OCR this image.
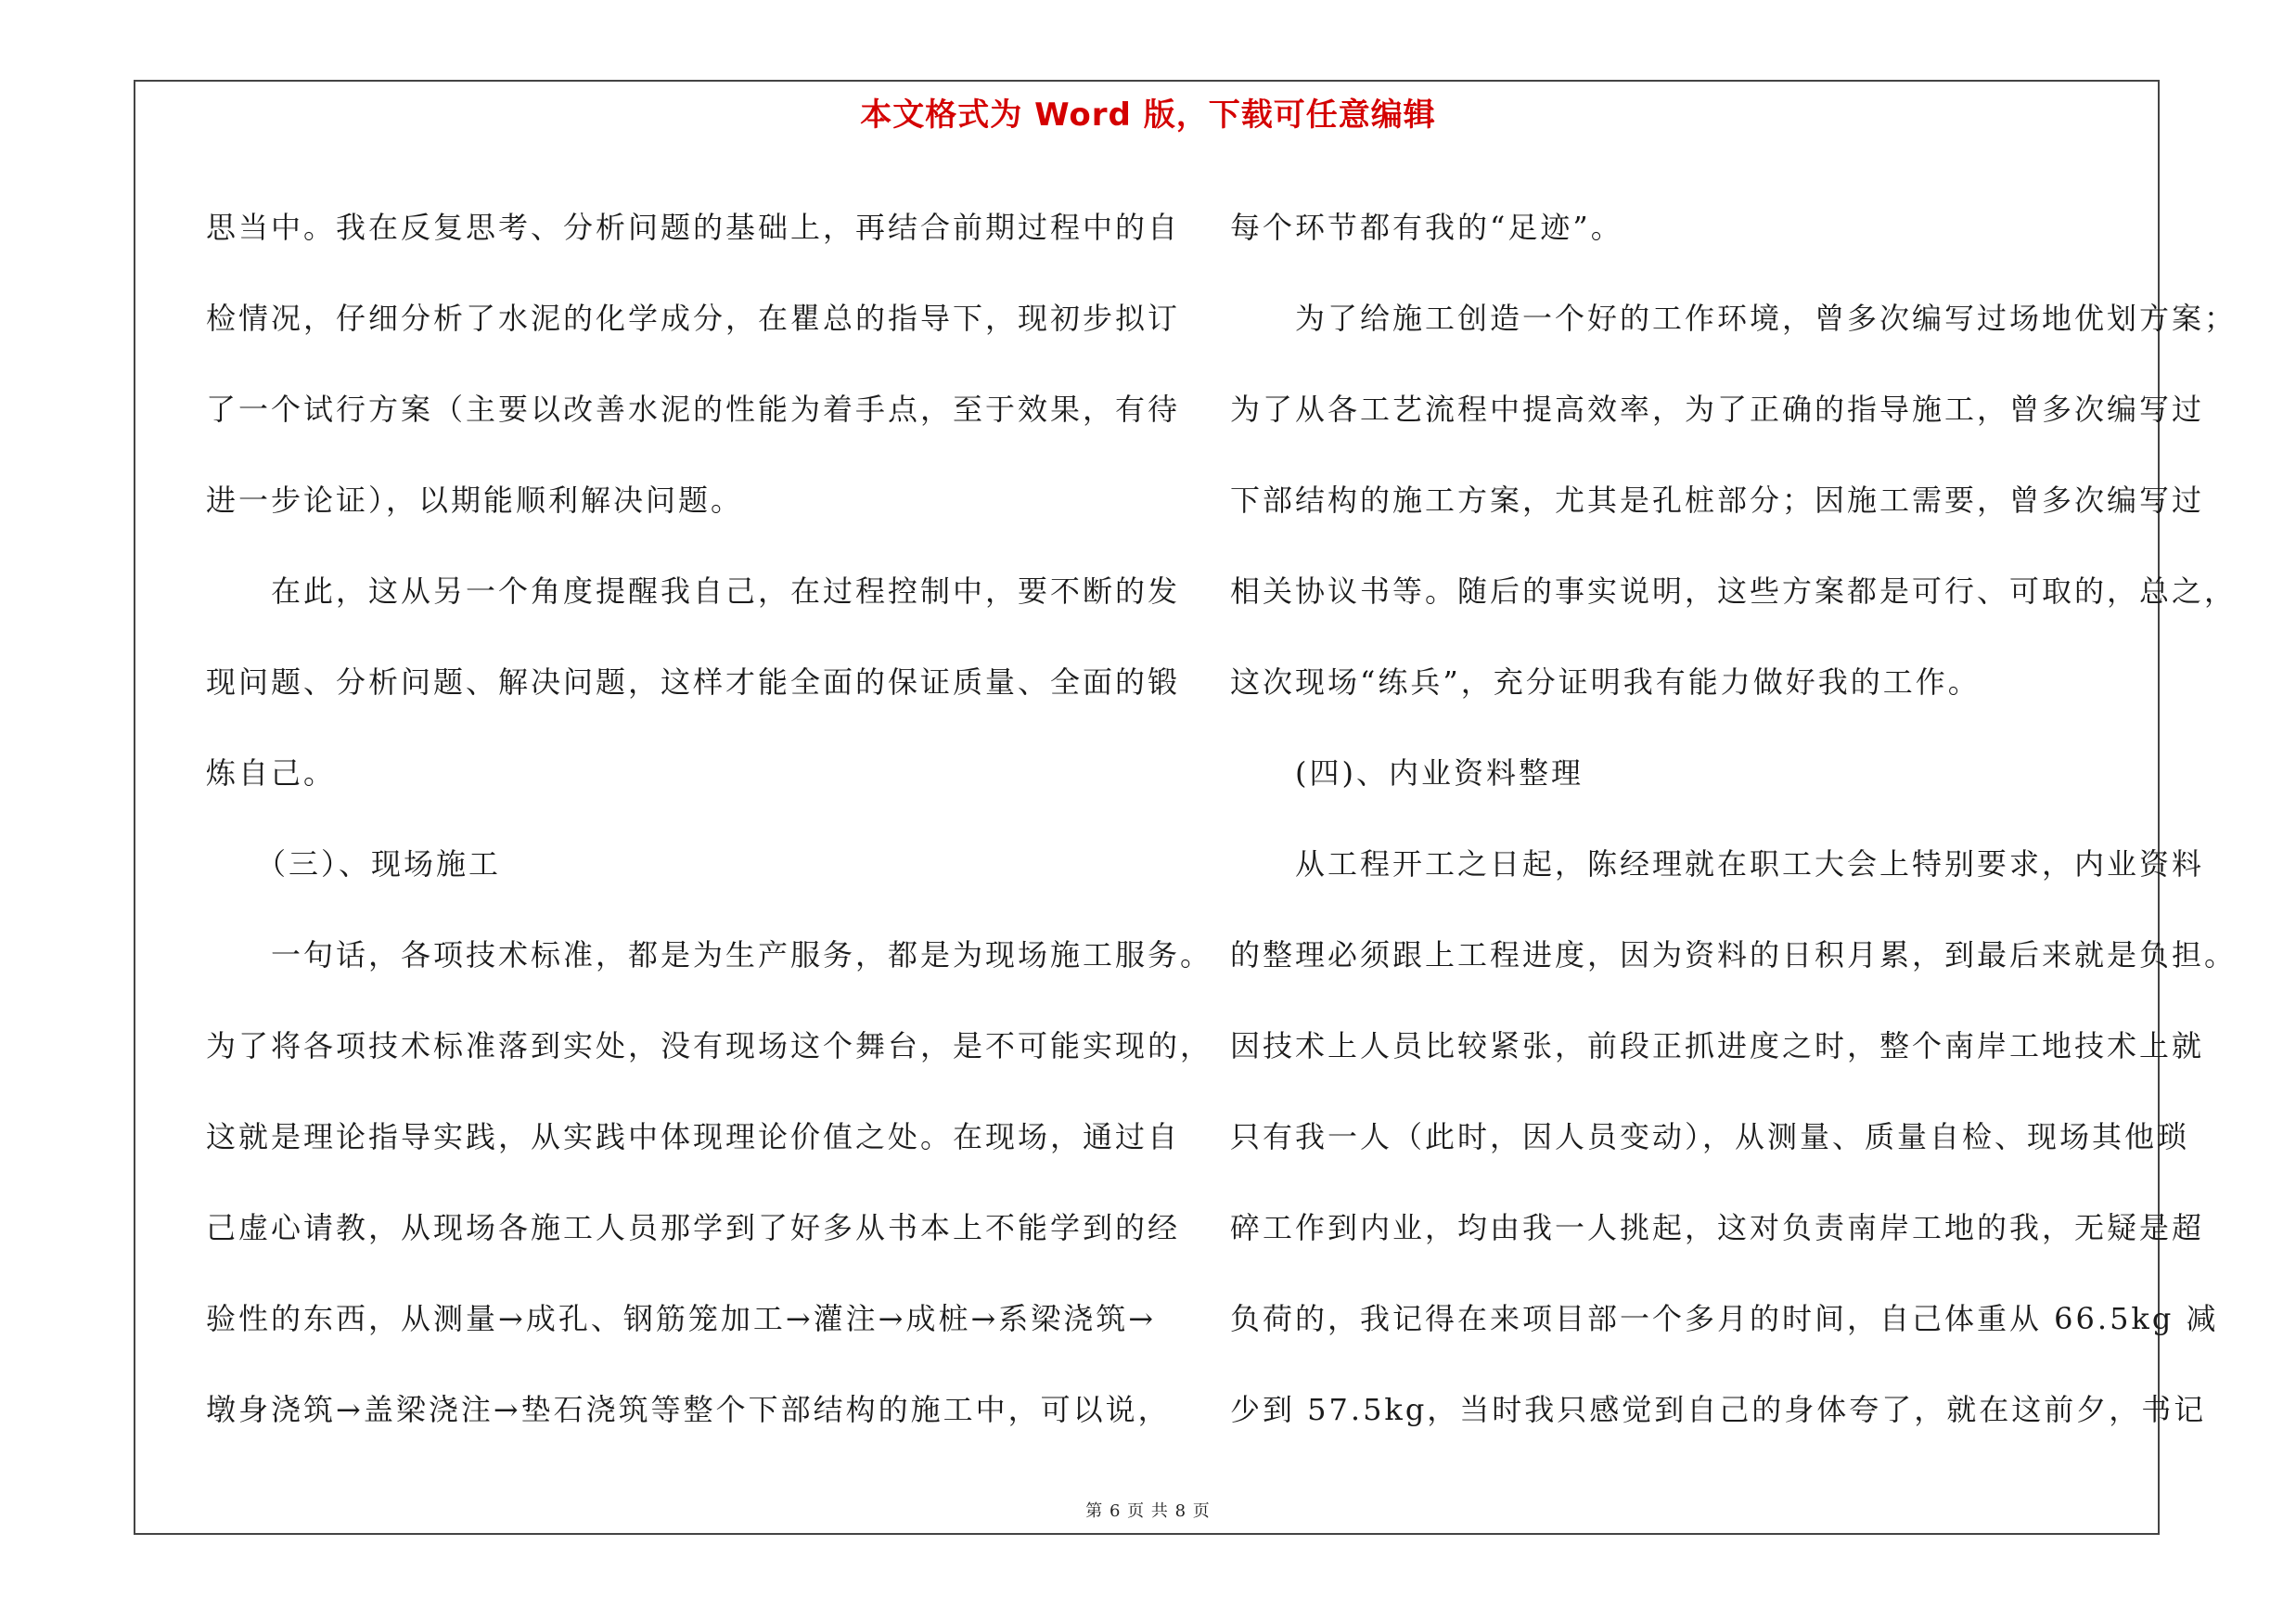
本文格式为 Word 版，下载可任意编辑
思当中。我在反复思考、分析问题的基础上，再结合前期过程中的自
检情况，仔细分析了水泥的化学成分，在瞿总的指导下，现初步拟订
了一个试行方案（主要以改善水泥的性能为着手点，至于效果，有待
进一步论证），以期能顺利解决问题。
　　在此，这从另一个角度提醒我自己，在过程控制中，要不断的发
现问题、分析问题、解决问题，这样才能全面的保证质量、全面的锻
炼自己。
　　（三）、现场施工
　　一句话，各项技术标准，都是为生产服务，都是为现场施工服务。
为了将各项技术标准落到实处，没有现场这个舞台，是不可能实现的，
这就是理论指导实践，从实践中体现理论价值之处。在现场，通过自
己虚心请教，从现场各施工人员那学到了好多从书本上不能学到的经
验性的东西，从测量→成孔、钢筋笼加工→灌注→成桩→系梁浇筑→
墩身浇筑→盖梁浇注→垫石浇筑等整个下部结构的施工中，可以说，
每个环节都有我的“足迹”。
　　为了给施工创造一个好的工作环境，曾多次编写过场地优划方案；
为了从各工艺流程中提高效率，为了正确的指导施工，曾多次编写过
下部结构的施工方案，尤其是孔桩部分；因施工需要，曾多次编写过
相关协议书等。随后的事实说明，这些方案都是可行、可取的，总之，
这次现场“练兵”，充分证明我有能力做好我的工作。
　　(四)、内业资料整理
　　从工程开工之日起，陈经理就在职工大会上特别要求，内业资料
的整理必须跟上工程进度，因为资料的日积月累，到最后来就是负担。
因技术上人员比较紧张，前段正抓进度之时，整个南岸工地技术上就
只有我一人（此时，因人员变动），从测量、质量自检、现场其他琐
碎工作到内业，均由我一人挑起，这对负责南岸工地的我，无疑是超
负荷的，我记得在来项目部一个多月的时间，自己体重从 66.5kg 减
少到 57.5kg，当时我只感觉到自己的身体夸了，就在这前夕，书记
第 6 页 共 8 页
